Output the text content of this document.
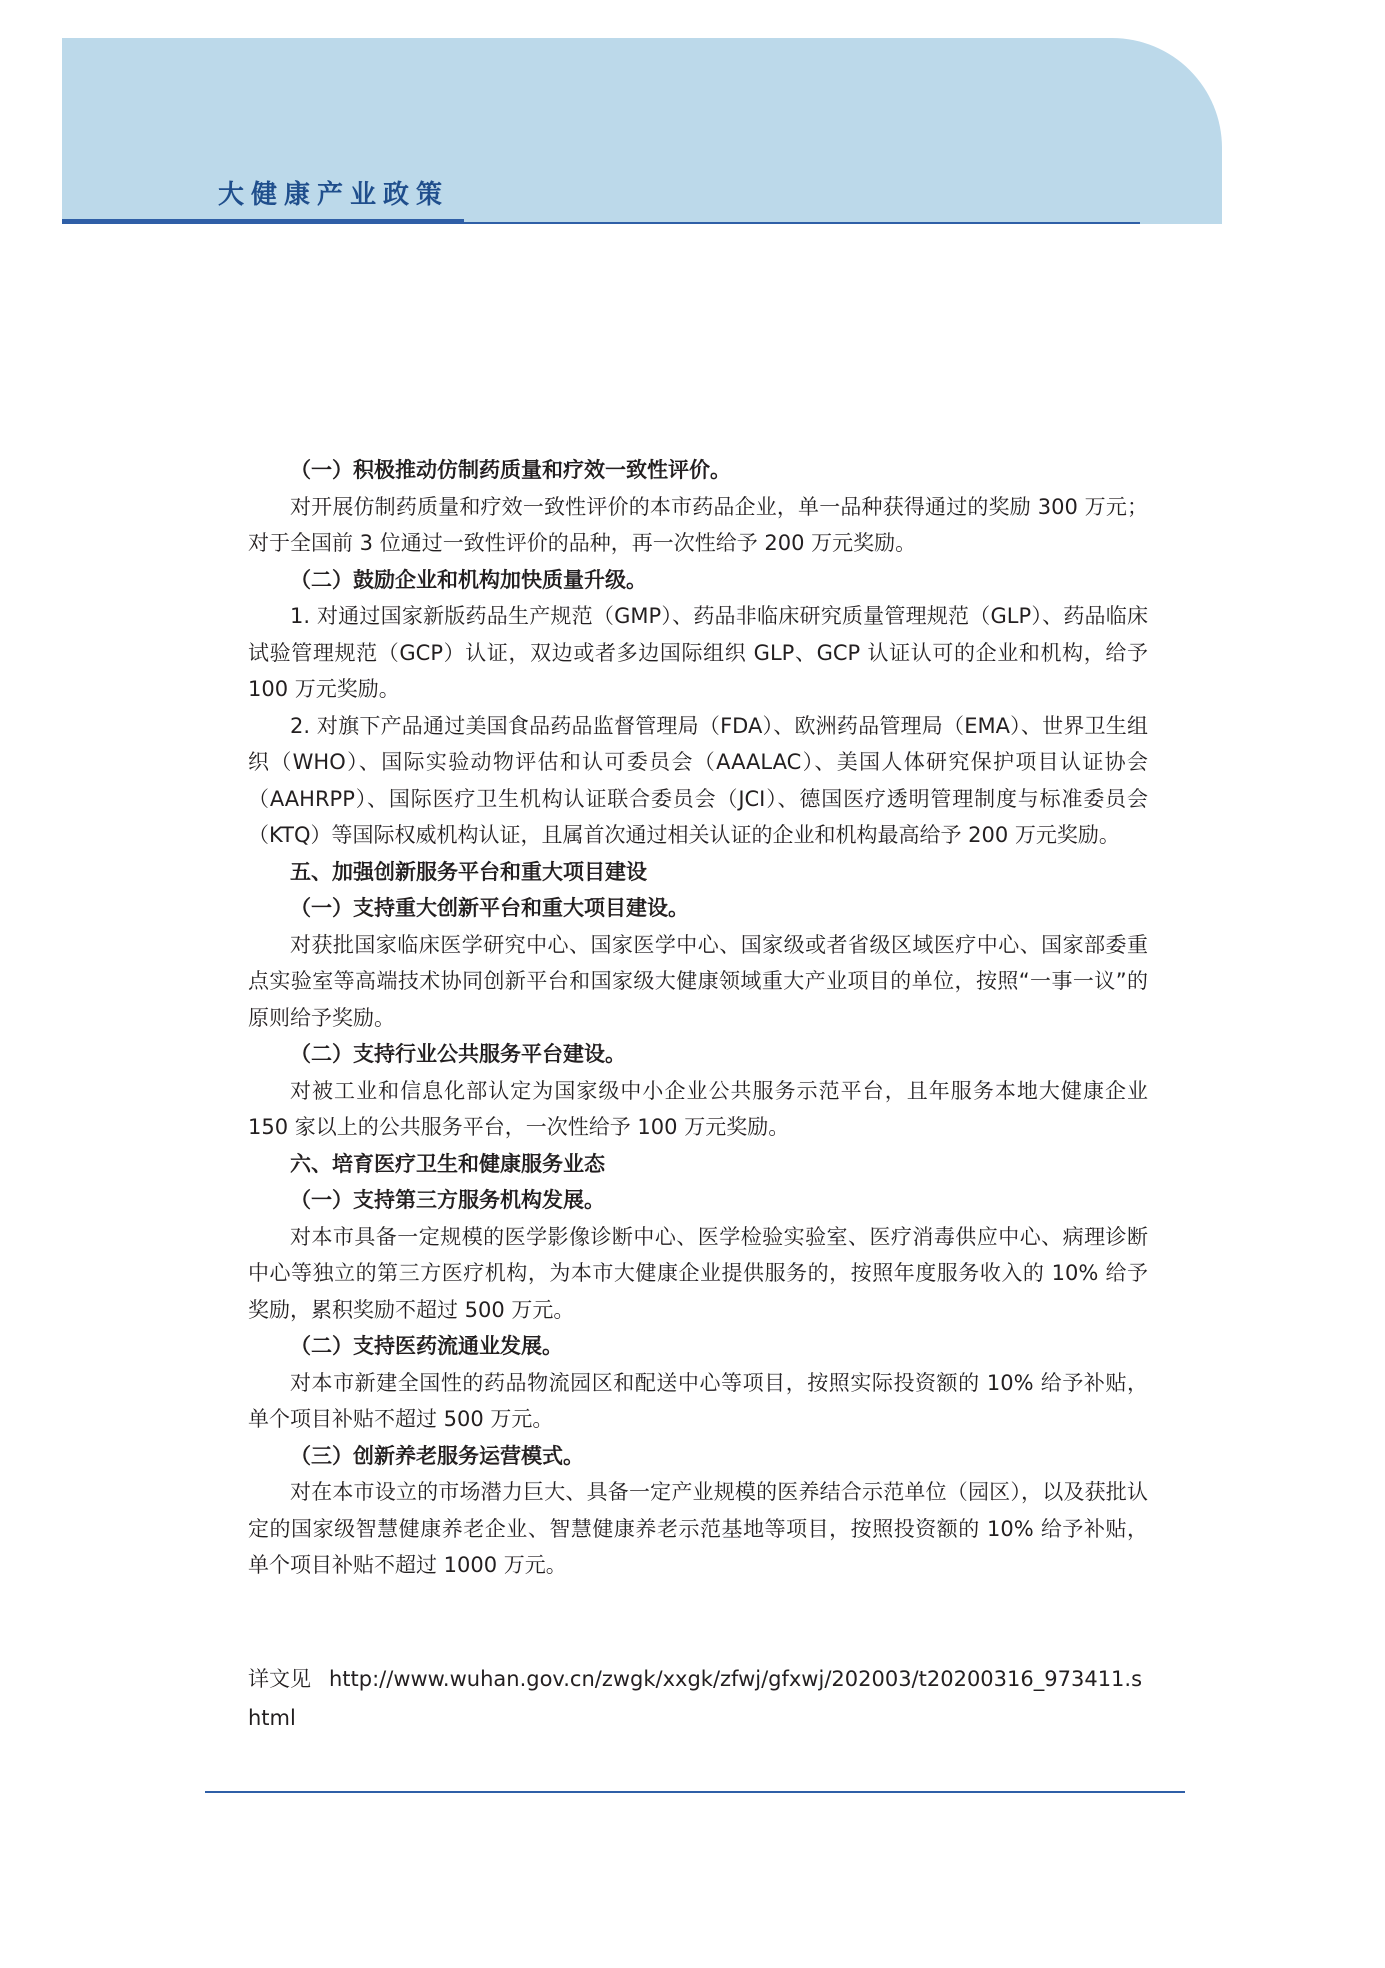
大健康产业政策

（一）积极推动仿制药质量和疗效一致性评价。

对开展仿制药质量和疗效一致性评价的本市药品企业，单一品种获得通过的奖励 300 万元；对于全国前 3 位通过一致性评价的品种，再一次性给予 200 万元奖励。

（二）鼓励企业和机构加快质量升级。

1. 对通过国家新版药品生产规范（GMP）、药品非临床研究质量管理规范（GLP）、药品临床试验管理规范（GCP）认证，双边或者多边国际组织 GLP、GCP 认证认可的企业和机构，给予 100 万元奖励。

2. 对旗下产品通过美国食品药品监督管理局（FDA）、欧洲药品管理局（EMA）、世界卫生组织（WHO）、国际实验动物评估和认可委员会（AAALAC）、美国人体研究保护项目认证协会（AAHRPP）、国际医疗卫生机构认证联合委员会（JCI）、德国医疗透明管理制度与标准委员会（KTQ）等国际权威机构认证，且属首次通过相关认证的企业和机构最高给予 200 万元奖励。

五、加强创新服务平台和重大项目建设

（一）支持重大创新平台和重大项目建设。

对获批国家临床医学研究中心、国家医学中心、国家级或者省级区域医疗中心、国家部委重点实验室等高端技术协同创新平台和国家级大健康领域重大产业项目的单位，按照“一事一议”的原则给予奖励。

（二）支持行业公共服务平台建设。

对被工业和信息化部认定为国家级中小企业公共服务示范平台，且年服务本地大健康企业 150 家以上的公共服务平台，一次性给予 100 万元奖励。

六、培育医疗卫生和健康服务业态

（一）支持第三方服务机构发展。

对本市具备一定规模的医学影像诊断中心、医学检验实验室、医疗消毒供应中心、病理诊断中心等独立的第三方医疗机构，为本市大健康企业提供服务的，按照年度服务收入的 10% 给予奖励，累积奖励不超过 500 万元。

（二）支持医药流通业发展。

对本市新建全国性的药品物流园区和配送中心等项目，按照实际投资额的 10% 给予补贴，单个项目补贴不超过 500 万元。

（三）创新养老服务运营模式。

对在本市设立的市场潜力巨大、具备一定产业规模的医养结合示范单位（园区），以及获批认定的国家级智慧健康养老企业、智慧健康养老示范基地等项目，按照投资额的 10% 给予补贴，单个项目补贴不超过 1000 万元。

详文见 http://www.wuhan.gov.cn/zwgk/xxgk/zfwj/gfxwj/202003/t20200316_973411.shtml
